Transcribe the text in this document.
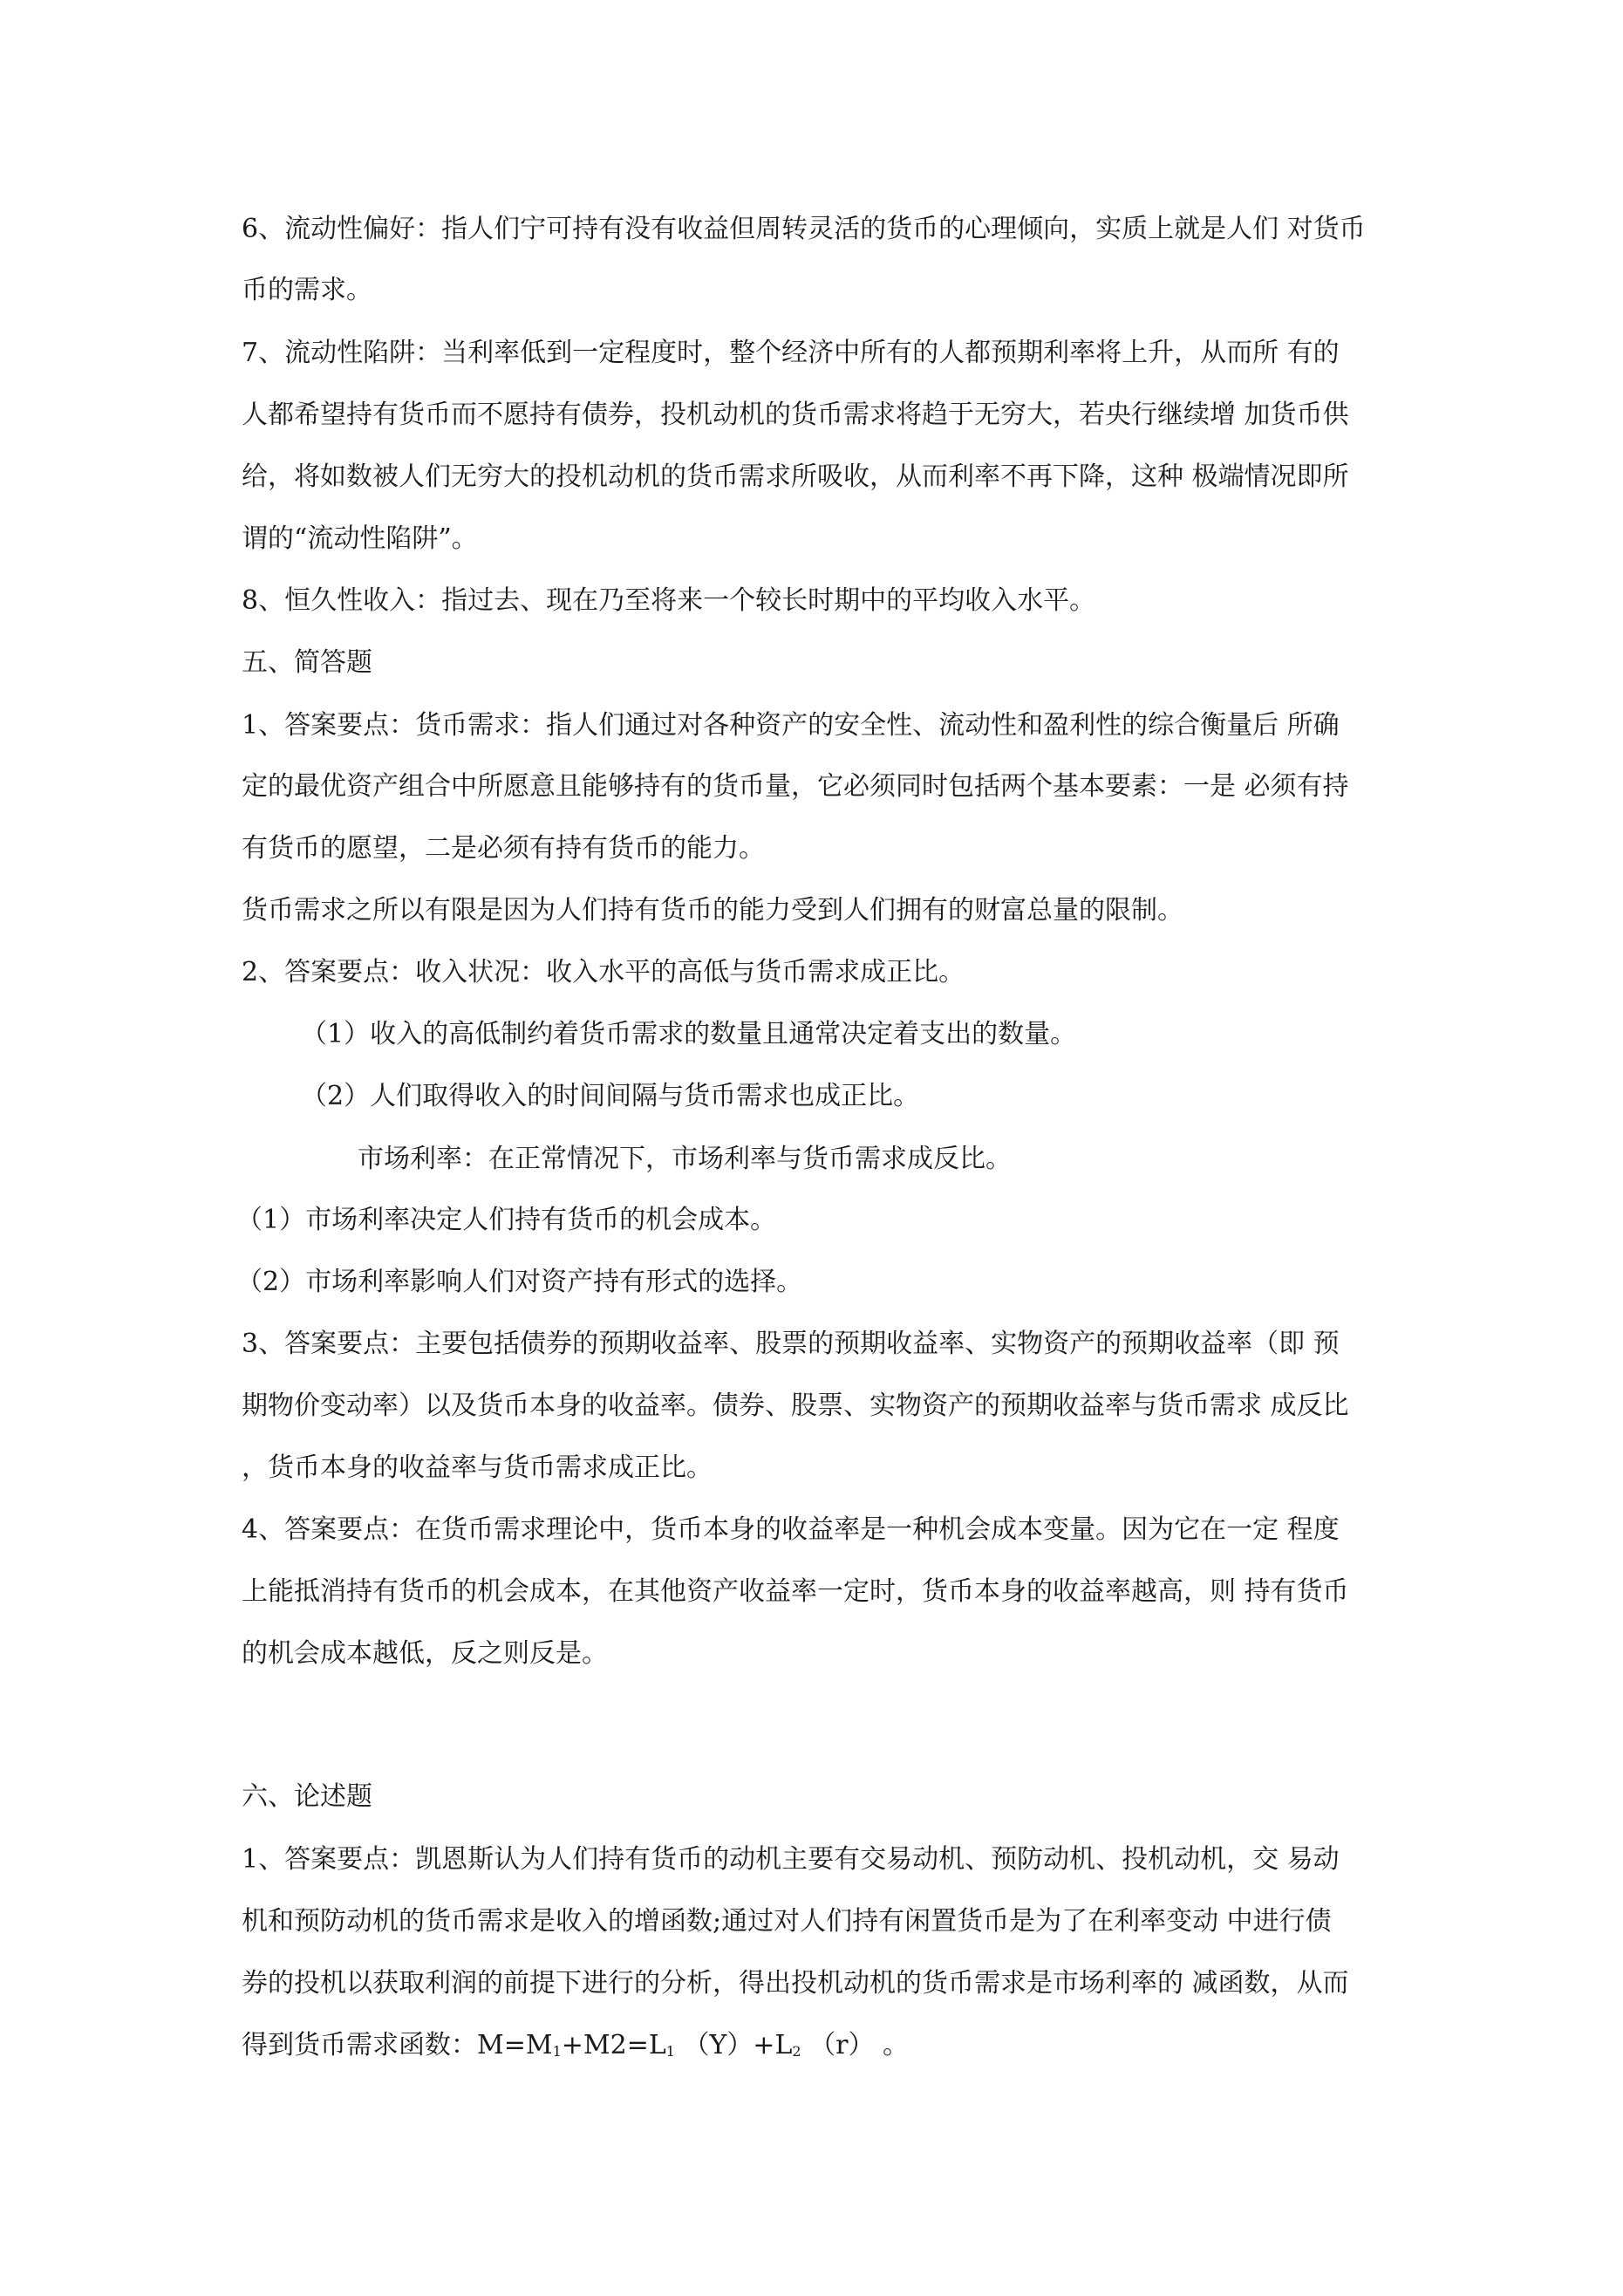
6、流动性偏好：指人们宁可持有没有收益但周转灵活的货币的心理倾向，实质上就是人们 对货币
币的需求。
7、流动性陷阱：当利率低到一定程度时，整个经济中所有的人都预期利率将上升，从而所 有的
人都希望持有货币而不愿持有债券，投机动机的货币需求将趋于无穷大，若央行继续增 加货币供
给，将如数被人们无穷大的投机动机的货币需求所吸收，从而利率不再下降，这种 极端情况即所
谓的“流动性陷阱”。
8、恒久性收入：指过去、现在乃至将来一个较长时期中的平均收入水平。
五、简答题
1、答案要点：货币需求：指人们通过对各种资产的安全性、流动性和盈利性的综合衡量后 所确
定的最优资产组合中所愿意且能够持有的货币量，它必须同时包括两个基本要素：一是 必须有持
有货币的愿望，二是必须有持有货币的能力。
货币需求之所以有限是因为人们持有货币的能力受到人们拥有的财富总量的限制。
2、答案要点：收入状况：收入水平的高低与货币需求成正比。
（1）收入的高低制约着货币需求的数量且通常决定着支出的数量。
（2）人们取得收入的时间间隔与货币需求也成正比。
市场利率：在正常情况下，市场利率与货币需求成反比。
（1）市场利率决定人们持有货币的机会成本。
（2）市场利率影响人们对资产持有形式的选择。
3、答案要点：主要包括债券的预期收益率、股票的预期收益率、实物资产的预期收益率（即 预
期物价变动率）以及货币本身的收益率。债券、股票、实物资产的预期收益率与货币需求 成反比
，货币本身的收益率与货币需求成正比。
4、答案要点：在货币需求理论中，货币本身的收益率是一种机会成本变量。因为它在一定 程度
上能抵消持有货币的机会成本，在其他资产收益率一定时，货币本身的收益率越高，则 持有货币
的机会成本越低，反之则反是。
六、论述题
1、答案要点：凯恩斯认为人们持有货币的动机主要有交易动机、预防动机、投机动机，交 易动
机和预防动机的货币需求是收入的增函数;通过对人们持有闲置货币是为了在利率变动 中进行债
券的投机以获取利润的前提下进行的分析，得出投机动机的货币需求是市场利率的 减函数，从而
得到货币需求函数：$M=M_1+M2=L_1$ $(Y)+L_2$ （r） 。
